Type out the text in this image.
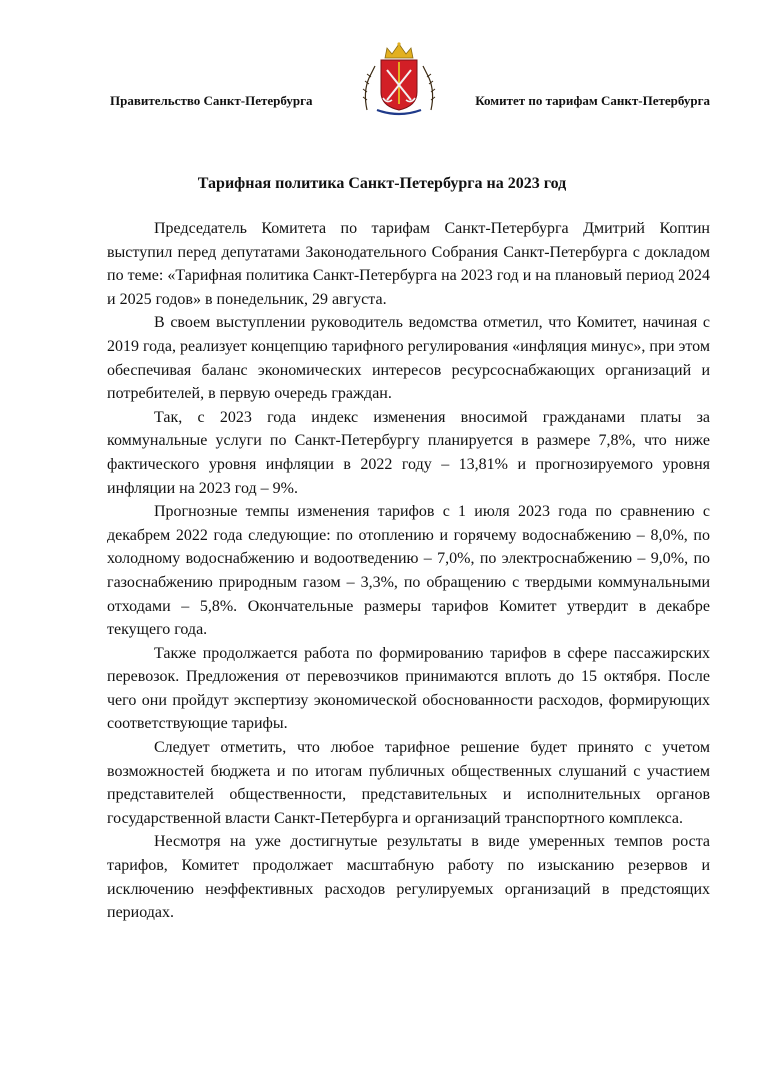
Правительство Санкт-Петербурга	Комитет по тарифам Санкт-Петербурга
Тарифная политика Санкт-Петербурга на 2023 год

Председатель Комитета по тарифам Санкт-Петербурга Дмитрий Коптин выступил перед депутатами Законодательного Собрания Санкт-Петербурга с докладом по теме: «Тарифная политика Санкт-Петербурга на 2023 год и на плановый период 2024 и 2025 годов» в понедельник, 29 августа.

В своем выступлении руководитель ведомства отметил, что Комитет, начиная с 2019 года, реализует концепцию тарифного регулирования «инфляция минус», при этом обеспечивая баланс экономических интересов ресурсоснабжающих организаций и потребителей, в первую очередь граждан.

Так, с 2023 года индекс изменения вносимой гражданами платы за коммунальные услуги по Санкт-Петербургу планируется в размере 7,8%, что ниже фактического уровня инфляции в 2022 году – 13,81% и прогнозируемого уровня инфляции на 2023 год – 9%.

Прогнозные темпы изменения тарифов с 1 июля 2023 года по сравнению с декабрем 2022 года следующие: по отоплению и горячему водоснабжению – 8,0%, по холодному водоснабжению и водоотведению – 7,0%, по электроснабжению – 9,0%, по газоснабжению природным газом – 3,3%, по обращению с твердыми коммунальными отходами – 5,8%. Окончательные размеры тарифов Комитет утвердит в декабре текущего года.

Также продолжается работа по формированию тарифов в сфере пассажирских перевозок. Предложения от перевозчиков принимаются вплоть до 15 октября. После чего они пройдут экспертизу экономической обоснованности расходов, формирующих соответствующие тарифы.

Следует отметить, что любое тарифное решение будет принято с учетом возможностей бюджета и по итогам публичных общественных слушаний с участием представителей общественности, представительных и исполнительных органов государственной власти Санкт-Петербурга и организаций транспортного комплекса.

Несмотря на уже достигнутые результаты в виде умеренных темпов роста тарифов, Комитет продолжает масштабную работу по изысканию резервов и исключению неэффективных расходов регулируемых организаций в предстоящих периодах.
